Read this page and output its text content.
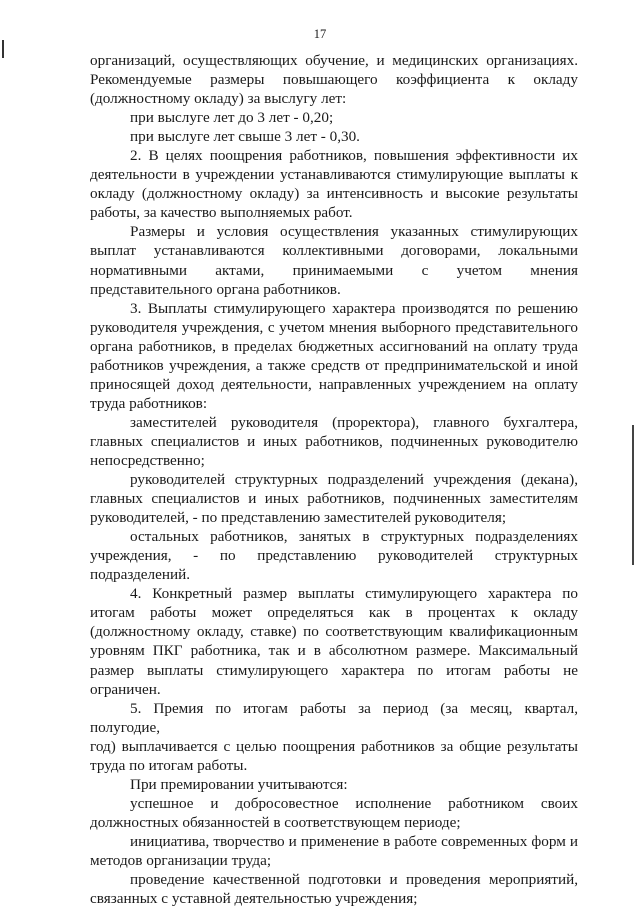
17

организаций, осуществляющих обучение, и медицинских организациях.

Рекомендуемые размеры повышающего коэффициента к окладу

(должностному окладу) за выслугу лет:

при выслуге лет до 3 лет - 0,20;

при выслуге лет свыше 3 лет - 0,30.

2. В целях поощрения работников, повышения эффективности их

деятельности в учреждении устанавливаются стимулирующие выплаты к

окладу (должностному окладу) за интенсивность и высокие результаты

работы, за качество выполняемых работ.

Размеры и условия осуществления указанных стимулирующих

выплат устанавливаются коллективными договорами, локальными

нормативными актами, принимаемыми с учетом мнения

представительного органа работников.

3. Выплаты стимулирующего характера производятся по решению

руководителя учреждения, с учетом мнения выборного представительного

органа работников, в пределах бюджетных ассигнований на оплату труда

работников учреждения, а также средств от предпринимательской и иной

приносящей доход деятельности, направленных учреждением на оплату

труда работников:

заместителей руководителя (проректора), главного бухгалтера,

главных специалистов и иных работников, подчиненных руководителю

непосредственно;

руководителей структурных подразделений учреждения (декана),

главных специалистов и иных работников, подчиненных заместителям

руководителей, - по представлению заместителей руководителя;

остальных работников, занятых в структурных подразделениях

учреждения, - по представлению руководителей структурных

подразделений.

4. Конкретный размер выплаты стимулирующего характера по

итогам работы может определяться как в процентах к окладу

(должностному окладу, ставке) по соответствующим квалификационным

уровням ПКГ работника, так и в абсолютном размере. Максимальный

размер выплаты стимулирующего характера по итогам работы не

ограничен.

5. Премия по итогам работы за период (за месяц, квартал, полугодие,

год) выплачивается с целью поощрения работников за общие результаты

труда по итогам работы.

При премировании учитываются:

успешное и добросовестное исполнение работником своих

должностных обязанностей в соответствующем периоде;

инициатива, творчество и применение в работе современных форм и

методов организации труда;

проведение качественной подготовки и проведения мероприятий,

связанных с уставной деятельностью учреждения;
